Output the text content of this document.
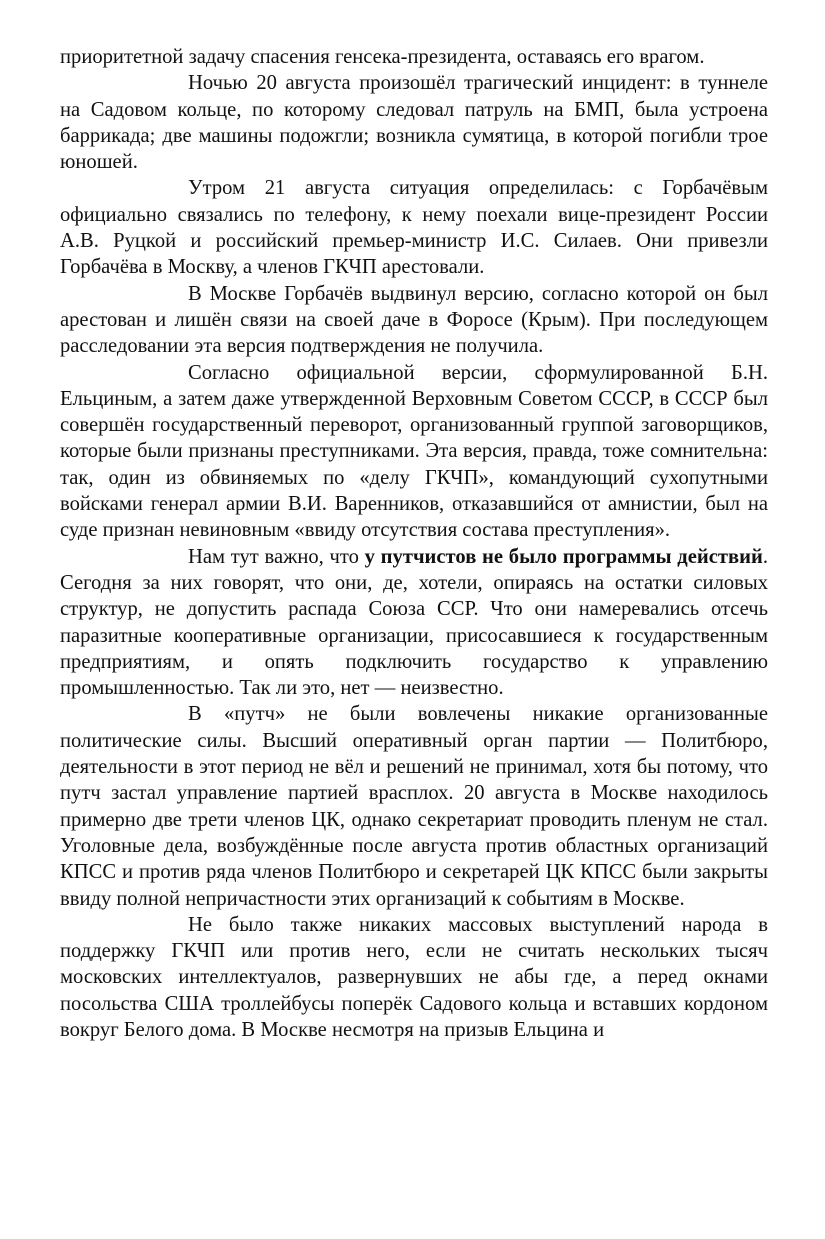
приоритетной задачу спасения генсека-президента, оставаясь его врагом.

Ночью 20 августа произошёл трагический инцидент: в туннеле на Садовом кольце, по которому следовал патруль на БМП, была устроена баррикада; две машины подожгли; возникла сумятица, в которой погибли трое юношей.

Утром 21 августа ситуация определилась: с Горбачёвым официально связались по телефону, к нему поехали вице-президент России А.В. Руцкой и российский премьер-министр И.С. Силаев. Они привезли Горбачёва в Москву, а членов ГКЧП арестовали.

В Москве Горбачёв выдвинул версию, согласно которой он был арестован и лишён связи на своей даче в Форосе (Крым). При последующем расследовании эта версия подтверждения не получила.

Согласно официальной версии, сформулированной Б.Н. Ельциным, а затем даже утвержденной Верховным Советом СССР, в СССР был совершён государственный переворот, организованный группой заговорщиков, которые были признаны преступниками. Эта версия, правда, тоже сомнительна: так, один из обвиняемых по «делу ГКЧП», командующий сухопутными войсками генерал армии В.И. Варенников, отказавшийся от амнистии, был на суде признан невиновным «ввиду отсутствия состава преступления».

Нам тут важно, что у путчистов не было программы действий. Сегодня за них говорят, что они, де, хотели, опираясь на остатки силовых структур, не допустить распада Союза ССР. Что они намеревались отсечь паразитные кооперативные организации, присосавшиеся к государственным предприятиям, и опять подключить государство к управлению промышленностью. Так ли это, нет — неизвестно.

В «путч» не были вовлечены никакие организованные политические силы. Высший оперативный орган партии — Политбюро, деятельности в этот период не вёл и решений не принимал, хотя бы потому, что путч застал управление партией врасплох. 20 августа в Москве находилось примерно две трети членов ЦК, однако секретариат проводить пленум не стал. Уголовные дела, возбуждённые после августа против областных организаций КПСС и против ряда членов Политбюро и секретарей ЦК КПСС были закрыты ввиду полной непричастности этих организаций к событиям в Москве.

Не было также никаких массовых выступлений народа в поддержку ГКЧП или против него, если не считать нескольких тысяч московских интеллектуалов, развернувших не абы где, а перед окнами посольства США троллейбусы поперёк Садового кольца и вставших кордоном вокруг Белого дома. В Москве несмотря на призыв Ельцина и
